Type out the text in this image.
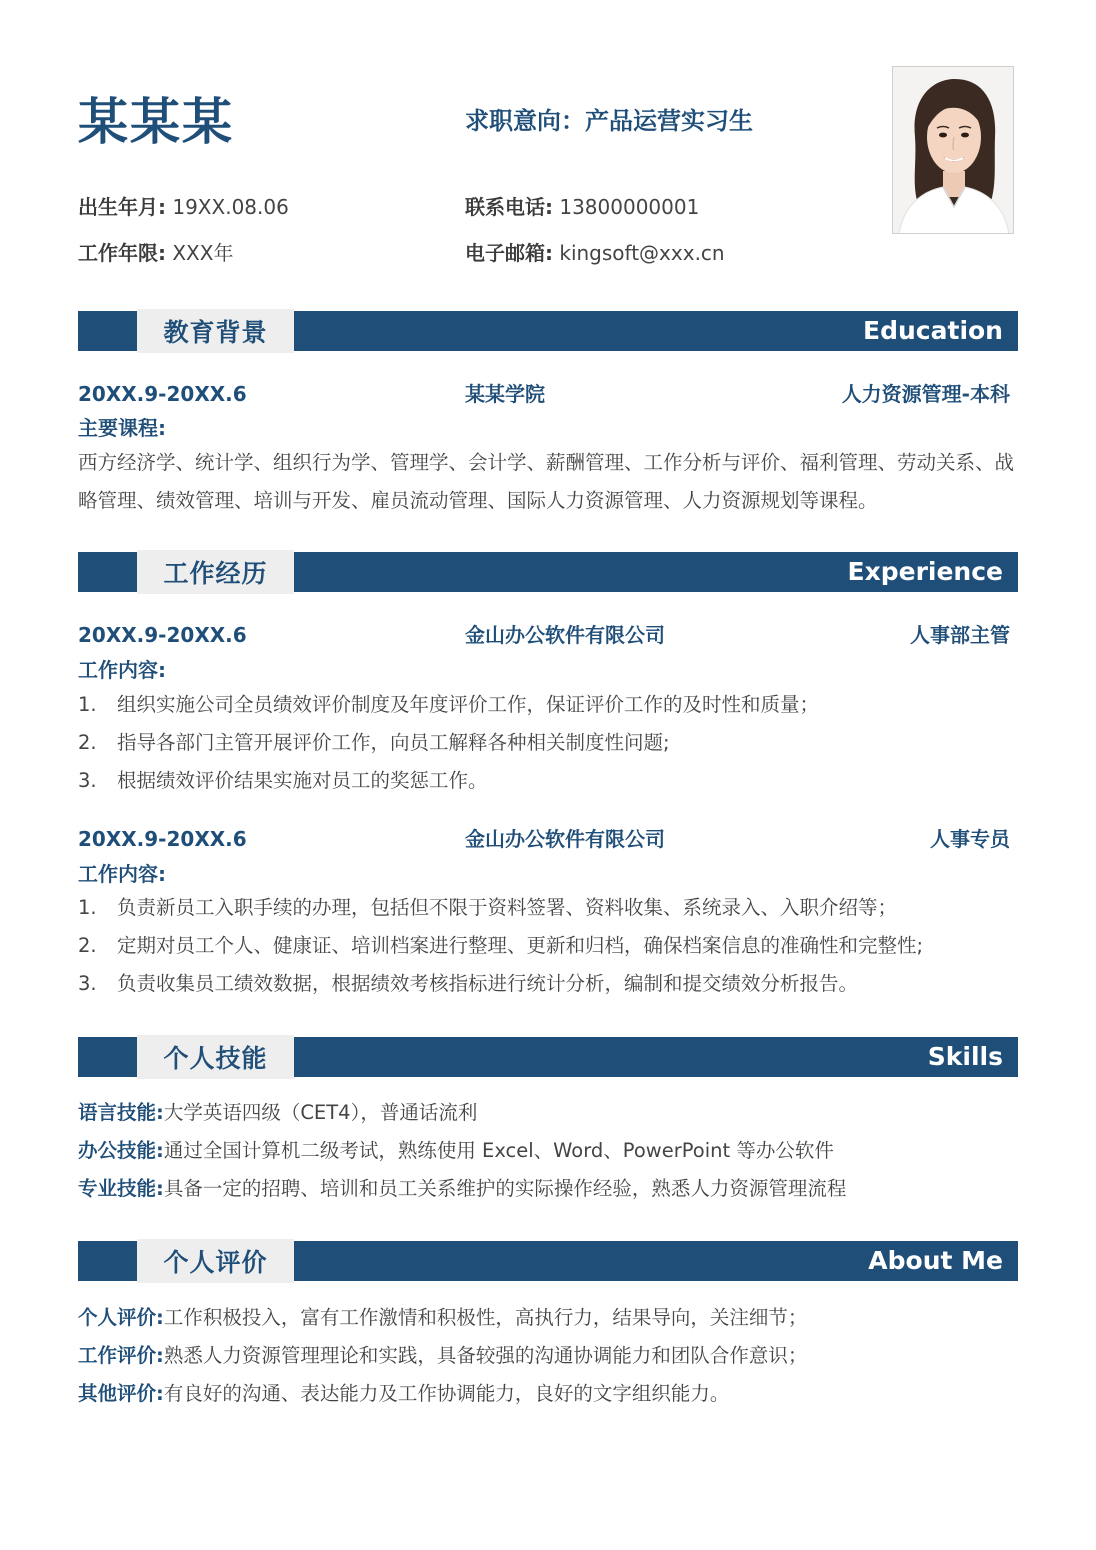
某某某	求职意向：产品运营实习生
出生年月: 19XX.08.06	联系电话: 13800000001
工作年限: XXX年	电子邮箱: kingsoft@xxx.cn
教育背景	Education
20XX.9-20XX.6	某某学院	人力资源管理-本科
主要课程:
西方经济学、统计学、组织行为学、管理学、会计学、薪酬管理、工作分析与评价、福利管理、劳动关系、战略管理、绩效管理、培训与开发、雇员流动管理、国际人力资源管理、人力资源规划等课程。
工作经历	Experience
20XX.9-20XX.6	金山办公软件有限公司	人事部主管
工作内容:
1. 组织实施公司全员绩效评价制度及年度评价工作，保证评价工作的及时性和质量；
2. 指导各部门主管开展评价工作，向员工解释各种相关制度性问题;
3. 根据绩效评价结果实施对员工的奖惩工作。
20XX.9-20XX.6	金山办公软件有限公司	人事专员
工作内容:
1. 负责新员工入职手续的办理，包括但不限于资料签署、资料收集、系统录入、入职介绍等；
2. 定期对员工个人、健康证、培训档案进行整理、更新和归档，确保档案信息的准确性和完整性;
3. 负责收集员工绩效数据，根据绩效考核指标进行统计分析，编制和提交绩效分析报告。
个人技能	Skills
语言技能:大学英语四级（CET4），普通话流利
办公技能:通过全国计算机二级考试，熟练使用 Excel、Word、PowerPoint 等办公软件
专业技能:具备一定的招聘、培训和员工关系维护的实际操作经验，熟悉人力资源管理流程
个人评价	About Me
个人评价:工作积极投入，富有工作激情和积极性，高执行力，结果导向，关注细节；
工作评价:熟悉人力资源管理理论和实践，具备较强的沟通协调能力和团队合作意识；
其他评价:有良好的沟通、表达能力及工作协调能力，良好的文字组织能力。
